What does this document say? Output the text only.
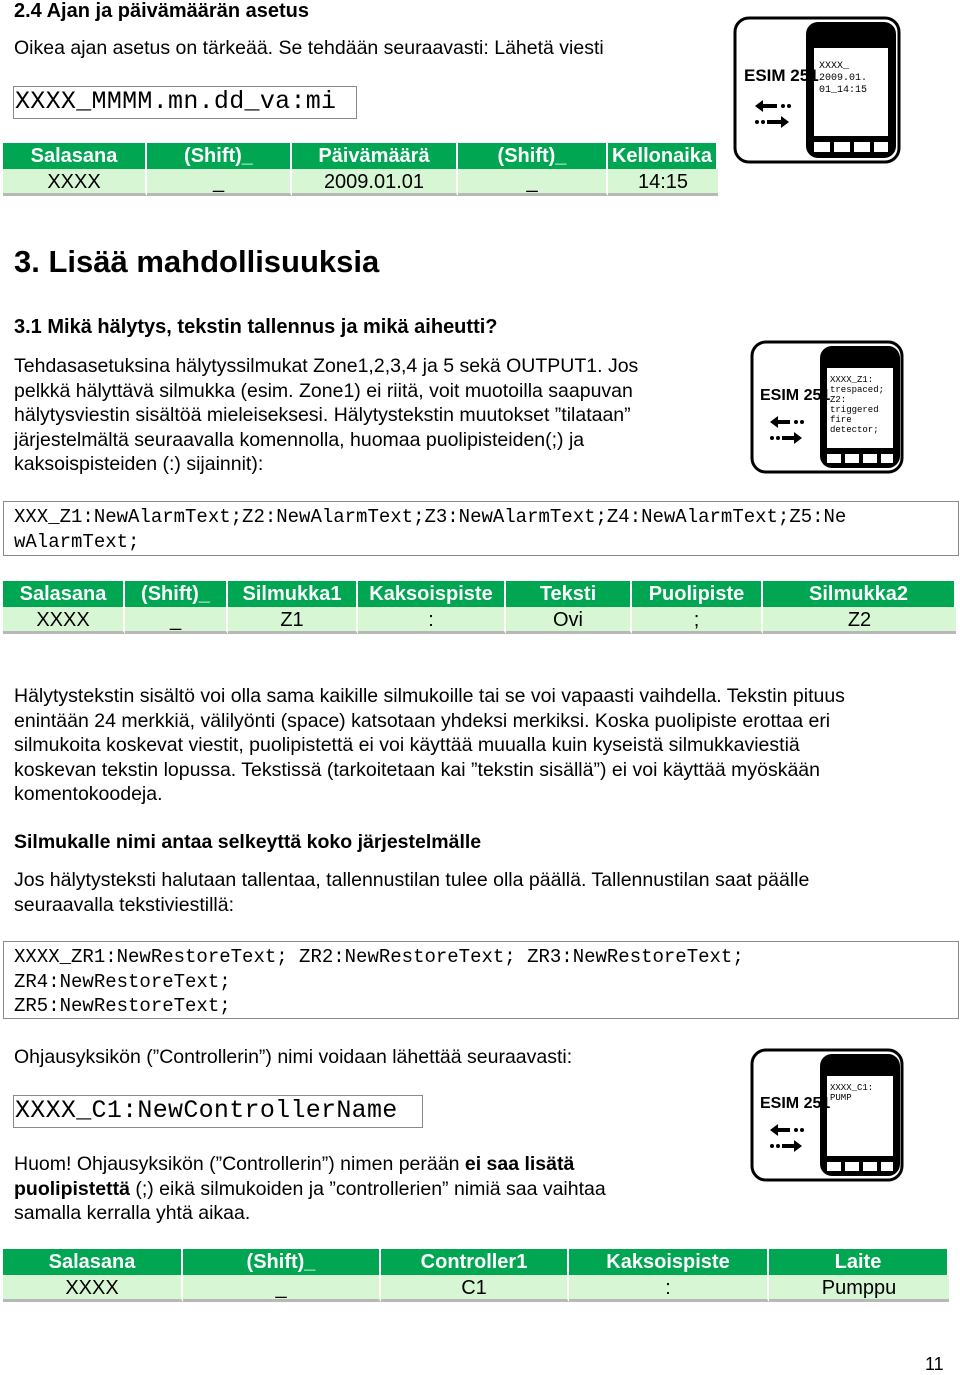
2.4 Ajan ja päivämäärän asetus
Oikea ajan asetus on tärkeää. Se tehdään seuraavasti: Lähetä viesti
XXXX_MMMM.mn.dd_va:mi
Salasana	(Shift)_	Päivämäärä	(Shift)_	Kellonaika
XXXX	_	2009.01.01	_	14:15
ESIM 251 XXXX_
2009.01.
01_14:15
3. Lisää mahdollisuuksia
3.1 Mikä hälytys, tekstin tallennus ja mikä aiheutti?
Tehdasasetuksina hälytyssilmukat Zone1,2,3,4 ja 5 sekä OUTPUT1. Jos
pelkkä hälyttävä silmukka (esim. Zone1) ei riitä, voit muotoilla saapuvan
hälytysviestin sisältöä mieleiseksesi. Hälytystekstin muutokset ”tilataan”
järjestelmältä seuraavalla komennolla, huomaa puolipisteiden(;) ja
kaksoispisteiden (:) sijainnit):
ESIM 251
XXXX_Z1:
trespaced;
Z2:
triggered
fire
detector;
XXX_Z1:NewAlarmText;Z2:NewAlarmText;Z3:NewAlarmText;Z4:NewAlarmText;Z5:Ne
wAlarmText;
Salasana	(Shift)_	Silmukka1	Kaksoispiste	Teksti	Puolipiste	Silmukka2
XXXX	_	Z1	:	Ovi	;	Z2
Hälytystekstin sisältö voi olla sama kaikille silmukoille tai se voi vapaasti vaihdella. Tekstin pituus
enintään 24 merkkiä, välilyönti (space) katsotaan yhdeksi merkiksi. Koska puolipiste erottaa eri
silmukoita koskevat viestit, puolipistettä ei voi käyttää muualla kuin kyseistä silmukkaviestiä
koskevan tekstin lopussa. Tekstissä (tarkoitetaan kai ”tekstin sisällä”) ei voi käyttää myöskään
komentokoodeja.
Silmukalle nimi antaa selkeyttä koko järjestelmälle
Jos hälytysteksti halutaan tallentaa, tallennustilan tulee olla päällä. Tallennustilan saat päälle
seuraavalla tekstiviestillä:
XXXX_ZR1:NewRestoreText; ZR2:NewRestoreText; ZR3:NewRestoreText;
ZR4:NewRestoreText;
ZR5:NewRestoreText;
Ohjausyksikön (”Controllerin”) nimi voidaan lähettää seuraavasti:
XXXX_C1:NewControllerName	ESIM 251
XXXX_C1:
PUMP
Huom! Ohjausyksikön (”Controllerin”) nimen perään ei saa lisätä
puolipistettä (;) eikä silmukoiden ja ”controllerien” nimiä saa vaihtaa
samalla kerralla yhtä aikaa.
Salasana	(Shift)_	Controller1	Kaksoispiste	Laite
XXXX	_	C1	:	Pumppu
11
